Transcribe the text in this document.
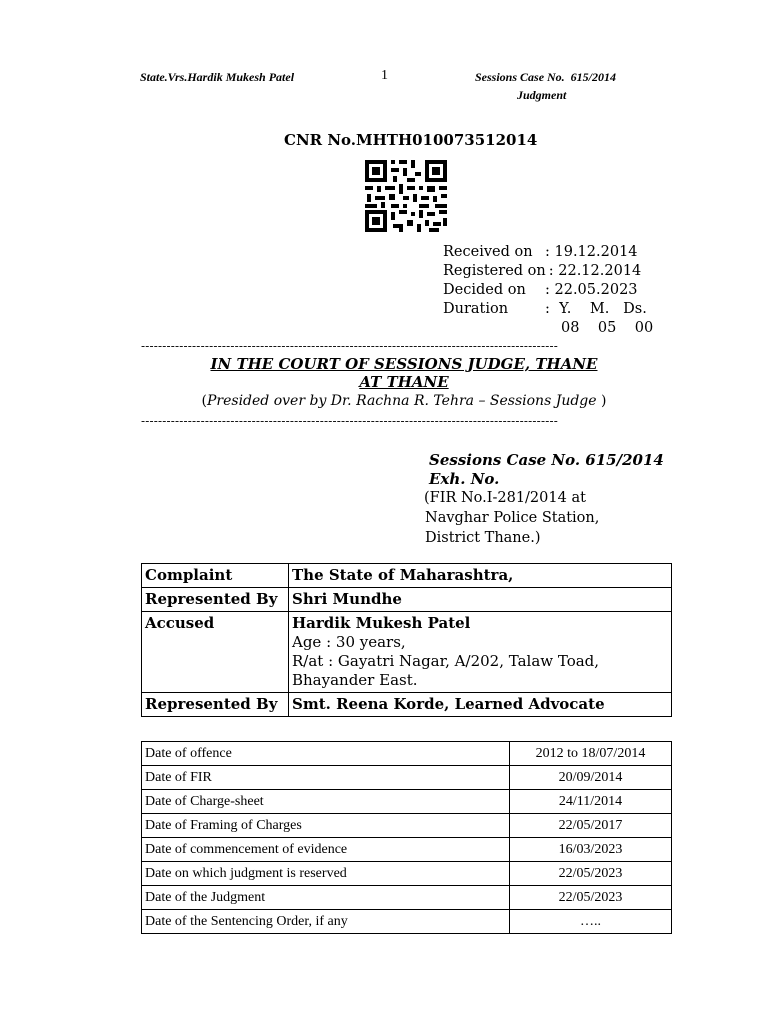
State.Vrs.Hardik Mukesh Patel	1	Sessions Case No.  615/2014
Judgment
CNR No.MHTH010073512014
Received on : 19.12.2014
Registered on : 22.12.2014
Decided on	: 22.05.2023
Duration	:  Y.    M.   Ds.
08    05    00
--------------------------------------------------------------------------------------------------
IN THE COURT OF SESSIONS JUDGE, THANE
AT THANE
(Presided over by Dr. Rachna R. Tehra – Sessions Judge )
--------------------------------------------------------------------------------------------------
Sessions Case No. 615/2014
Exh. No.
(FIR No.I-281/2014 at
Navghar Police Station,
District Thane.)
Complaint	The State of Maharashtra,
Represented By	Shri Mundhe
Accused	Hardik Mukesh Patel
Age : 30 years,
R/at : Gayatri Nagar, A/202, Talaw Toad,
Bhayander East.

Represented By	Smt. Reena Korde, Learned Advocate
Date of offence	2012 to 18/07/2014
Date of FIR	20/09/2014
Date of Charge-sheet	24/11/2014
Date of Framing of Charges	22/05/2017
Date of commencement of evidence	16/03/2023
Date on which judgment is reserved	22/05/2023
Date of the Judgment	22/05/2023
Date of the Sentencing Order, if any	…..
